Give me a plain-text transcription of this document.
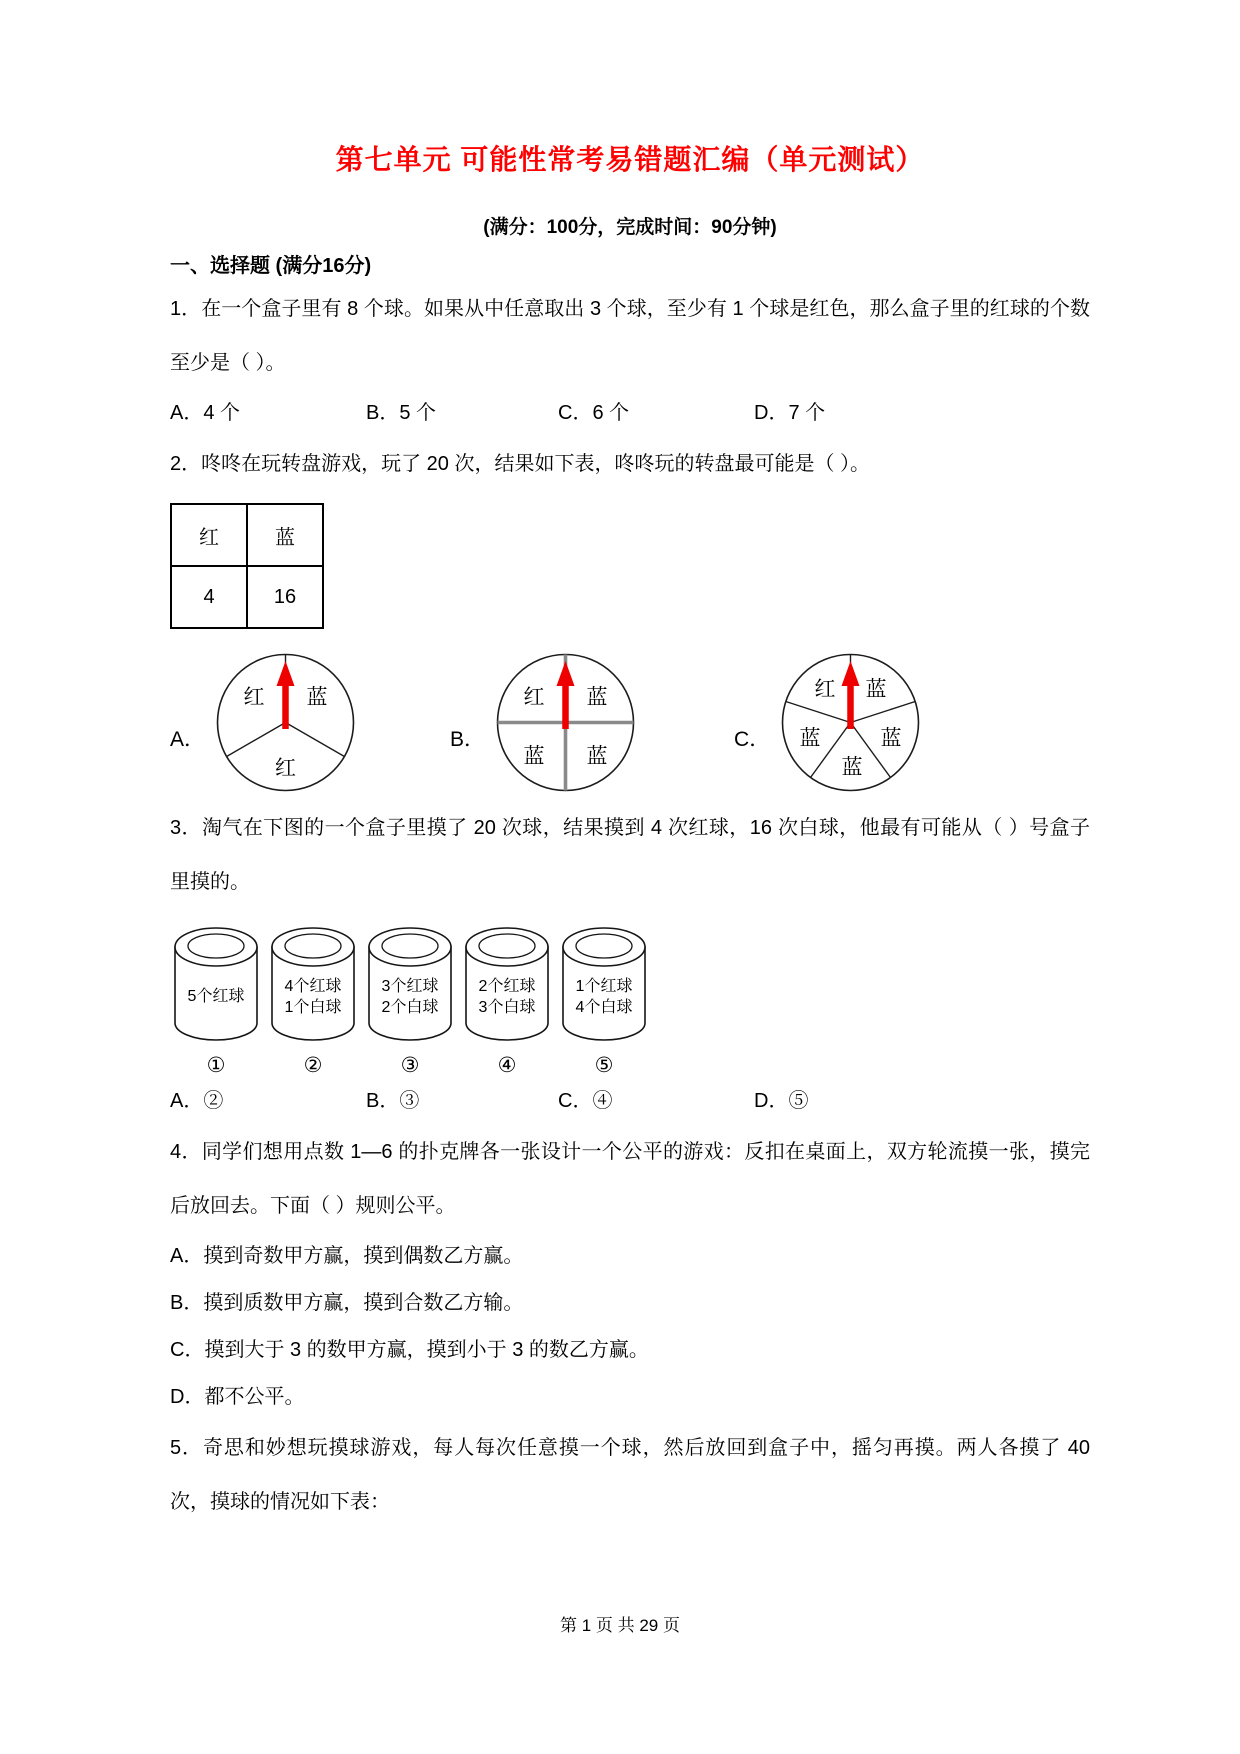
第七单元 可能性常考易错题汇编（单元测试）

(满分：100分，完成时间：90分钟)

一、选择题 (满分16分)

1．在一个盒子里有 8 个球。如果从中任意取出 3 个球，至少有 1 个球是红色，那么盒子里的红球的个数至少是（ ）。

A．4 个	B．5 个	C．6 个	D．7 个

2．咚咚在玩转盘游戏，玩了 20 次，结果如下表，咚咚玩的转盘最可能是（ ）。

红	蓝
4	16
A．
红 蓝
红
B．
红 蓝
蓝 蓝
C．
红 蓝
蓝
蓝
蓝

3．淘气在下图的一个盒子里摸了 20 次球，结果摸到 4 次红球，16 次白球，他最有可能从（ ）号盒子里摸的。

5个红球
①
4个红球
1个白球
②
3个红球
2个白球
③
2个红球
3个白球
④
1个红球
4个白球
⑤
A．②	B．③	C．④	D．⑤

4．同学们想用点数 1—6 的扑克牌各一张设计一个公平的游戏：反扣在桌面上，双方轮流摸一张，摸完后放回去。下面（ ）规则公平。

A．摸到奇数甲方赢，摸到偶数乙方赢。
B．摸到质数甲方赢，摸到合数乙方输。
C．摸到大于 3 的数甲方赢，摸到小于 3 的数乙方赢。
D．都不公平。

5．奇思和妙想玩摸球游戏，每人每次任意摸一个球，然后放回到盒子中，摇匀再摸。两人各摸了 40 次，摸球的情况如下表：

第 1 页 共 29 页
